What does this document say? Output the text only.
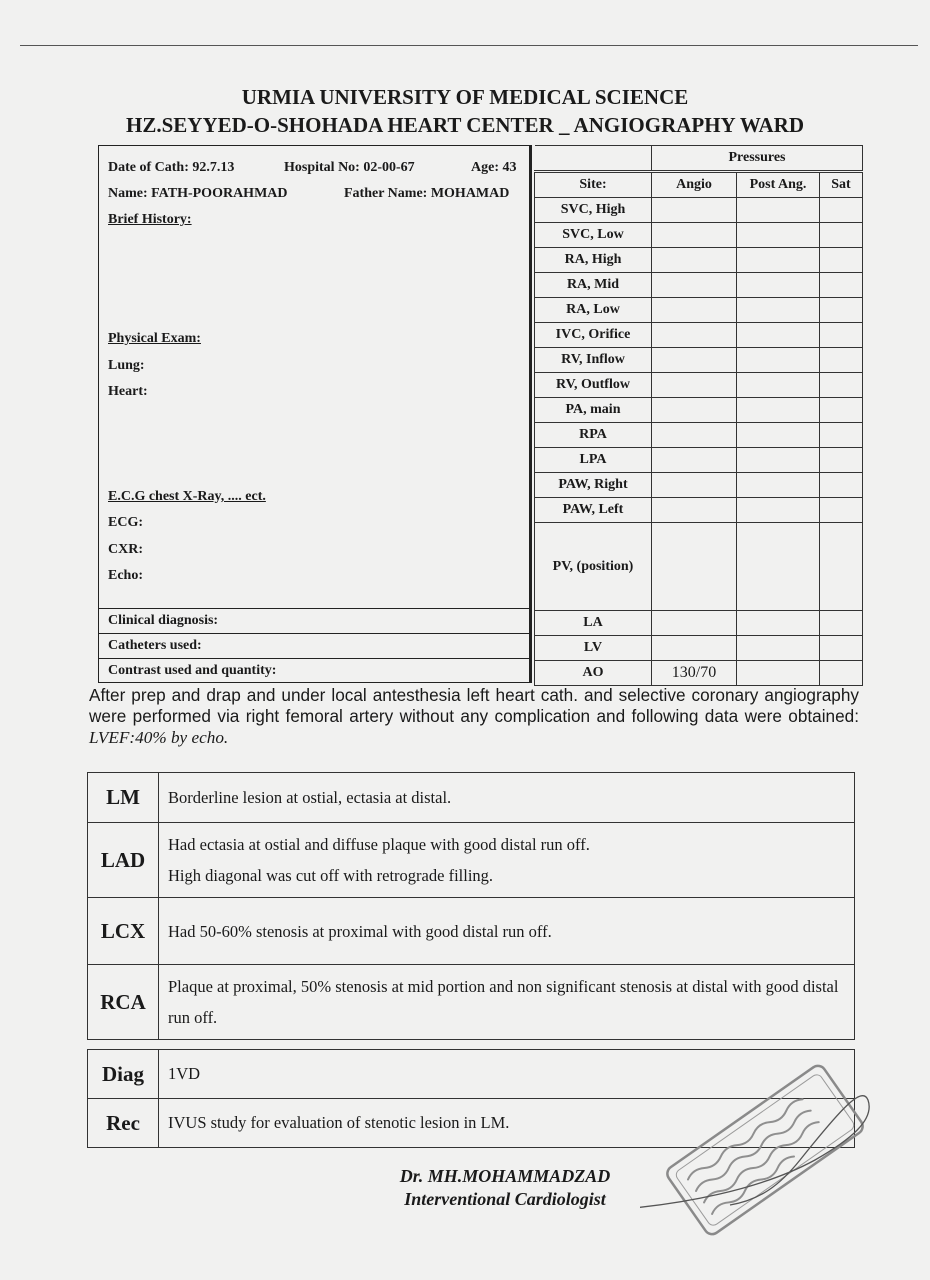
URMIA UNIVERSITY OF MEDICAL SCIENCE
HZ.SEYYED-O-SHOHADA HEART CENTER _ ANGIOGRAPHY WARD
Date of Cath: 92.7.13	Hospital No: 02-00-67	Age: 43
Name: FATH-POORAHMAD	Father Name: MOHAMAD
Brief History:
Physical Exam:
Lung:
Heart:
E.C.G chest X-Ray, .... ect.
ECG:
CXR:
Echo:
Clinical diagnosis:
Catheters used:
Contrast used and quantity:
	Pressures		
Site:	Angio	Post Ang.	Sat
SVC, High			
SVC, Low			
RA, High			
RA, Mid			
RA, Low			
IVC, Orifice			
RV, Inflow			
RV, Outflow			
PA, main			
RPA			
LPA			
PAW, Right			
PAW, Left			
PV, (position)			
LA			
LV			
AO	130/70		
After prep and drap and under local antesthesia left heart cath. and selective coronary angiography were performed via right femoral artery without any complication and following data were obtained: LVEF:40% by echo.
LM	Borderline lesion at ostial, ectasia at distal.

LAD	Had ectasia at ostial and diffuse plaque with good distal run off.
High diagonal was cut off with retrograde filling.

LCX	Had 50-60% stenosis at proximal with good distal run off.

RCA	Plaque at proximal, 50% stenosis at mid portion and non significant stenosis at distal with good distal run off.
Diag	1VD
Rec	IVUS study for evaluation of stenotic lesion in LM.
Dr. MH.MOHAMMADZAD
Interventional Cardiologist
